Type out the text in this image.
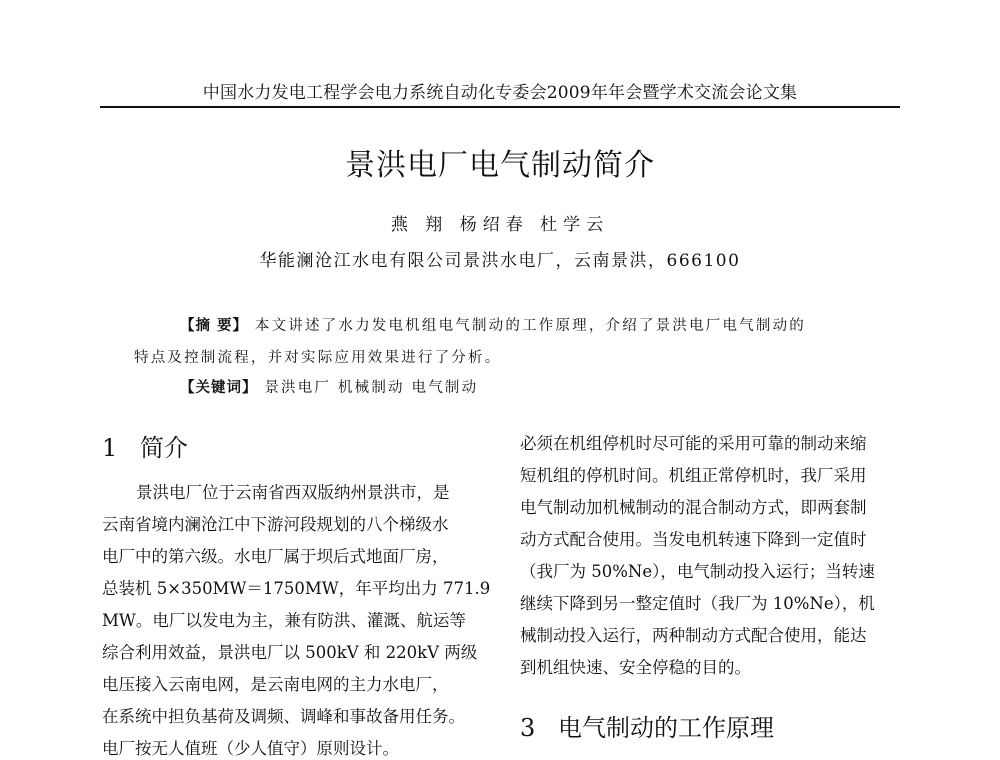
中国水力发电工程学会电力系统自动化专委会2009年年会暨学术交流会论文集
景洪电厂电气制动简介
燕 翔 杨绍春 杜学云
华能澜沧江水电有限公司景洪水电厂，云南景洪，666100
【摘 要】 本文讲述了水力发电机组电气制动的工作原理，介绍了景洪电厂电气制动的
特点及控制流程，并对实际应用效果进行了分析。
【关键词】 景洪电厂 机械制动 电气制动
1 简介
景洪电厂位于云南省西双版纳州景洪市，是
云南省境内澜沧江中下游河段规划的八个梯级水
电厂中的第六级。水电厂属于坝后式地面厂房，
总装机 5×350MW＝1750MW，年平均出力 771.9
MW。电厂以发电为主，兼有防洪、灌溉、航运等
综合利用效益，景洪电厂以 500kV 和 220kV 两级
电压接入云南电网，是云南电网的主力水电厂，
在系统中担负基荷及调频、调峰和事故备用任务。
电厂按无人值班（少人值守）原则设计。
必须在机组停机时尽可能的采用可靠的制动来缩
短机组的停机时间。机组正常停机时，我厂采用
电气制动加机械制动的混合制动方式，即两套制
动方式配合使用。当发电机转速下降到一定值时
（我厂为 50%Ne），电气制动投入运行；当转速
继续下降到另一整定值时（我厂为 10%Ne），机
械制动投入运行，两种制动方式配合使用，能达
到机组快速、安全停稳的目的。
3 电气制动的工作原理
